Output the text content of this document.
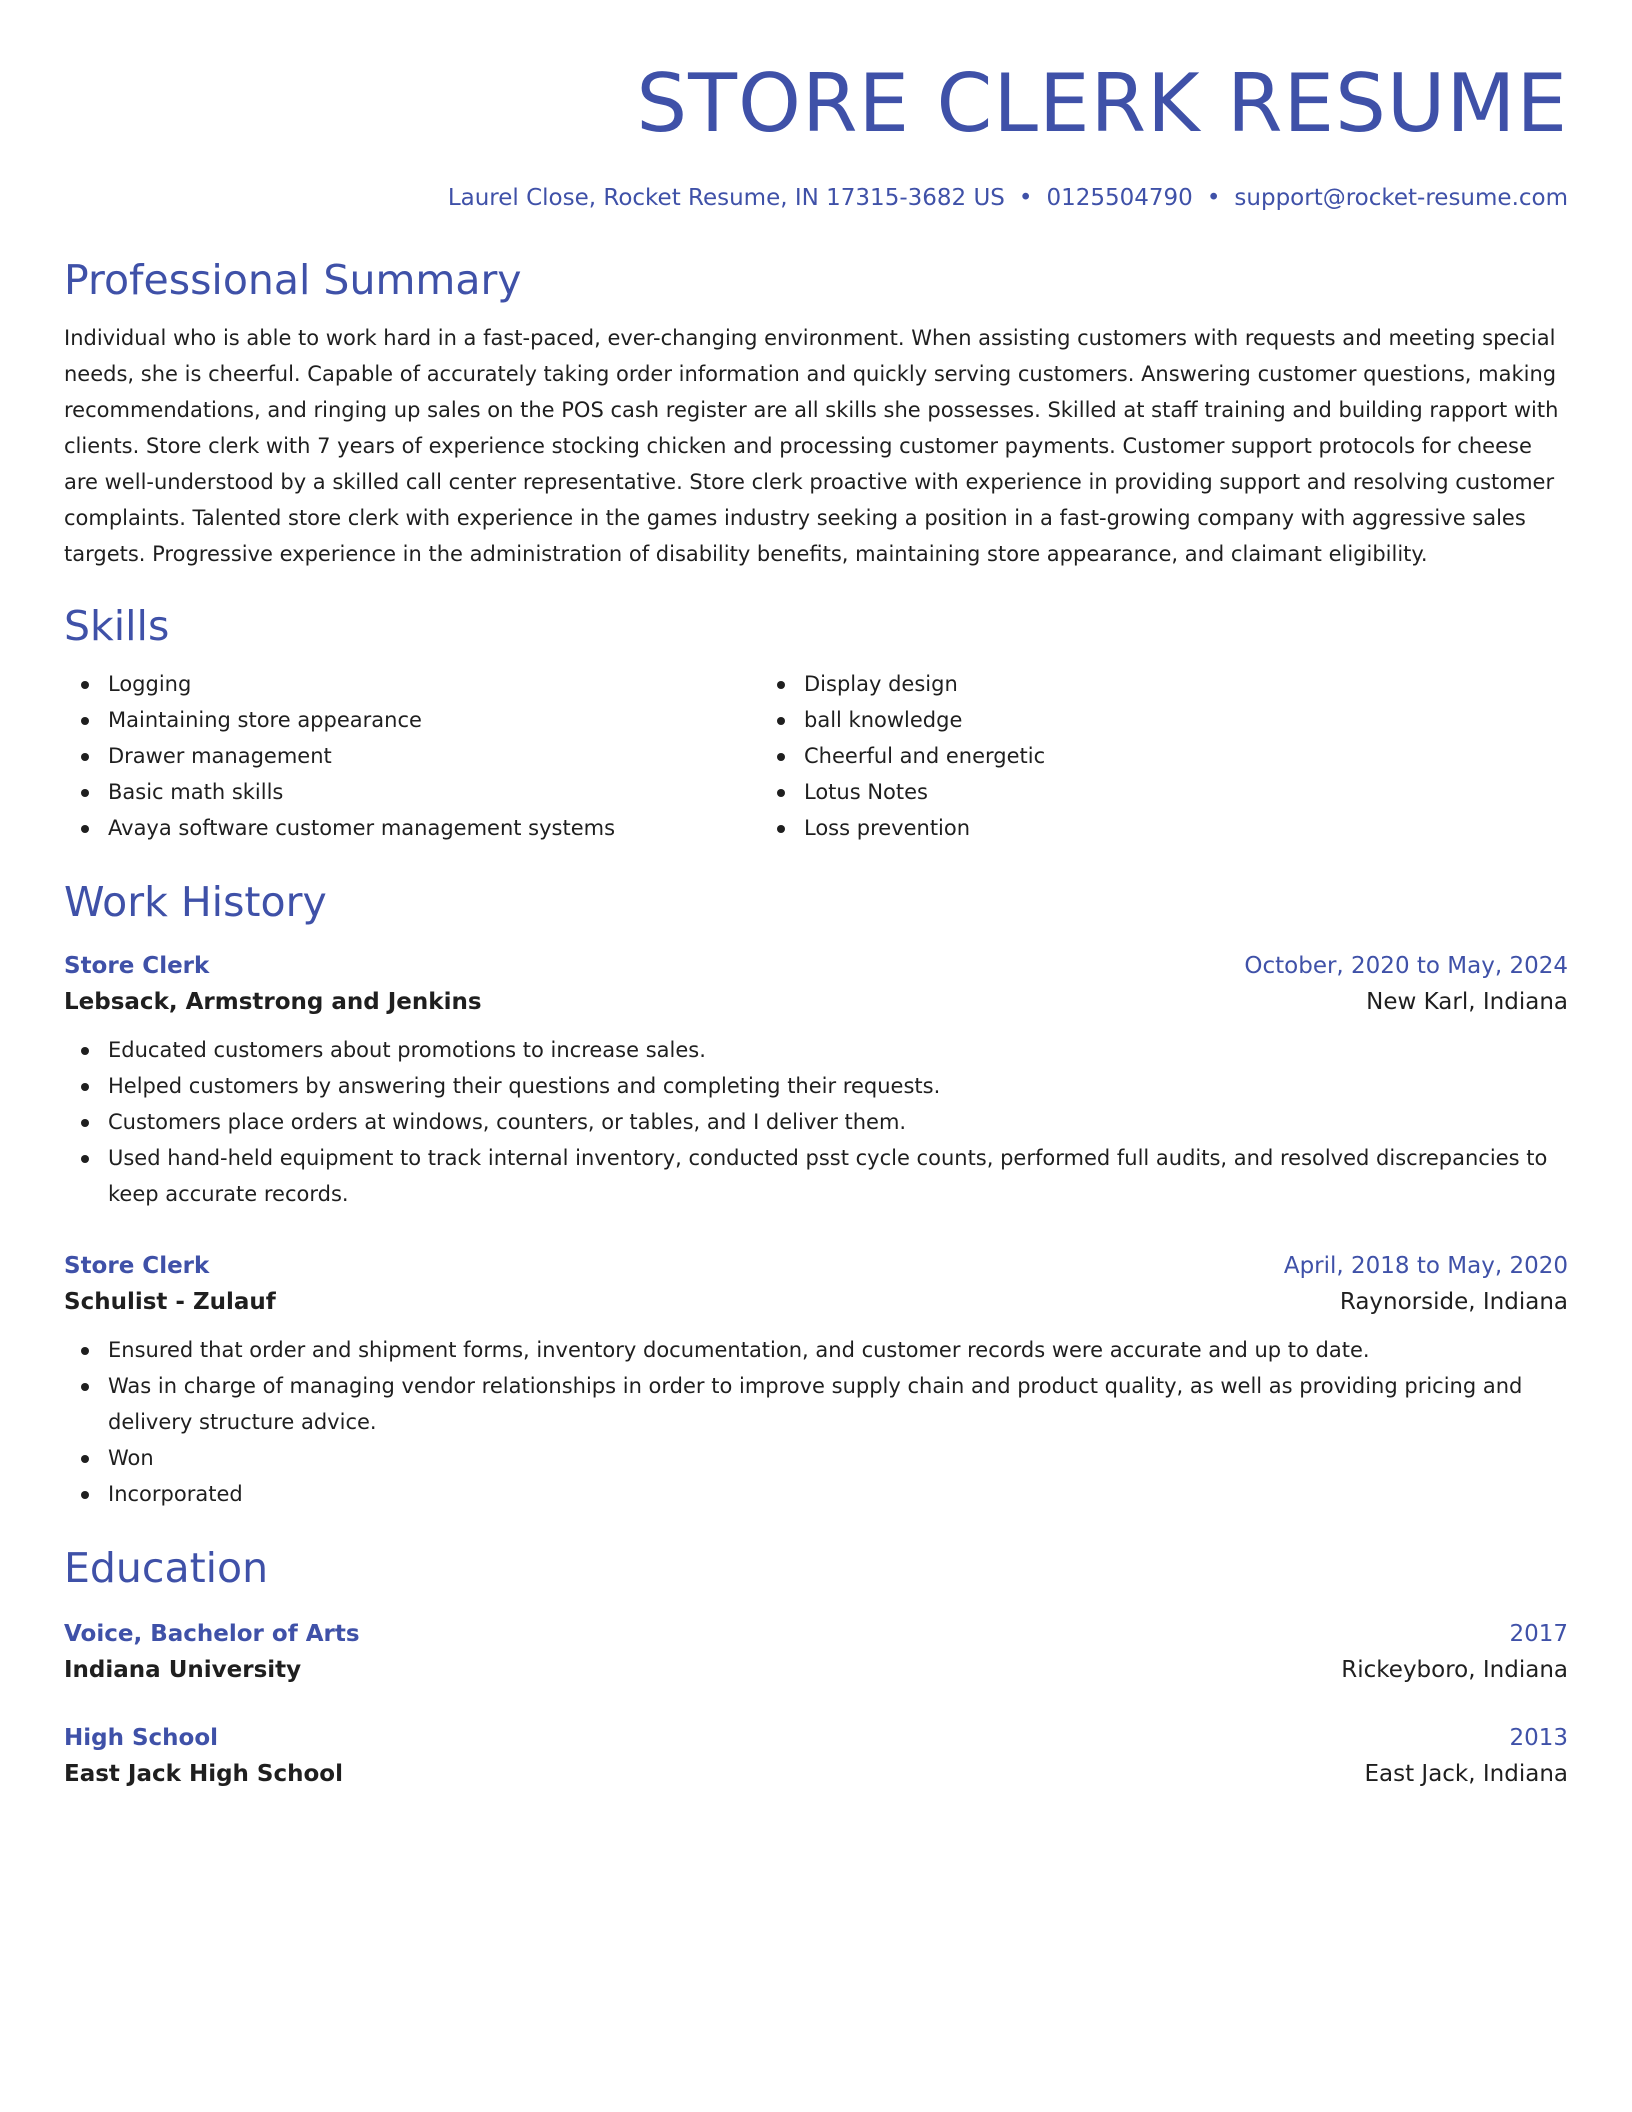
STORE CLERK RESUME
Laurel Close, Rocket Resume, IN 17315-3682 US • 0125504790 • support@rocket-resume.com
Professional Summary
Individual who is able to work hard in a fast-paced, ever-changing environment. When assisting customers with requests and meeting special needs, she is cheerful. Capable of accurately taking order information and quickly serving customers. Answering customer questions, making recommendations, and ringing up sales on the POS cash register are all skills she possesses. Skilled at staff training and building rapport with clients. Store clerk with 7 years of experience stocking chicken and processing customer payments. Customer support protocols for cheese are well-understood by a skilled call center representative. Store clerk proactive with experience in providing support and resolving customer complaints. Talented store clerk with experience in the games industry seeking a position in a fast-growing company with aggressive sales targets. Progressive experience in the administration of disability benefits, maintaining store appearance, and claimant eligibility.
Skills
Logging
Maintaining store appearance
Drawer management
Basic math skills
Avaya software customer management systems
Display design
ball knowledge
Cheerful and energetic
Lotus Notes
Loss prevention
Work History
Store Clerk	October, 2020 to May, 2024
Lebsack, Armstrong and Jenkins	New Karl, Indiana
Educated customers about promotions to increase sales.
Helped customers by answering their questions and completing their requests.
Customers place orders at windows, counters, or tables, and I deliver them.
Used hand-held equipment to track internal inventory, conducted psst cycle counts, performed full audits, and resolved discrepancies to keep accurate records.
Store Clerk	April, 2018 to May, 2020
Schulist - Zulauf	Raynorside, Indiana
Ensured that order and shipment forms, inventory documentation, and customer records were accurate and up to date.
Was in charge of managing vendor relationships in order to improve supply chain and product quality, as well as providing pricing and delivery structure advice.
Won
Incorporated
Education
Voice, Bachelor of Arts	2017
Indiana University	Rickeyboro, Indiana
High School	2013
East Jack High School	East Jack, Indiana
